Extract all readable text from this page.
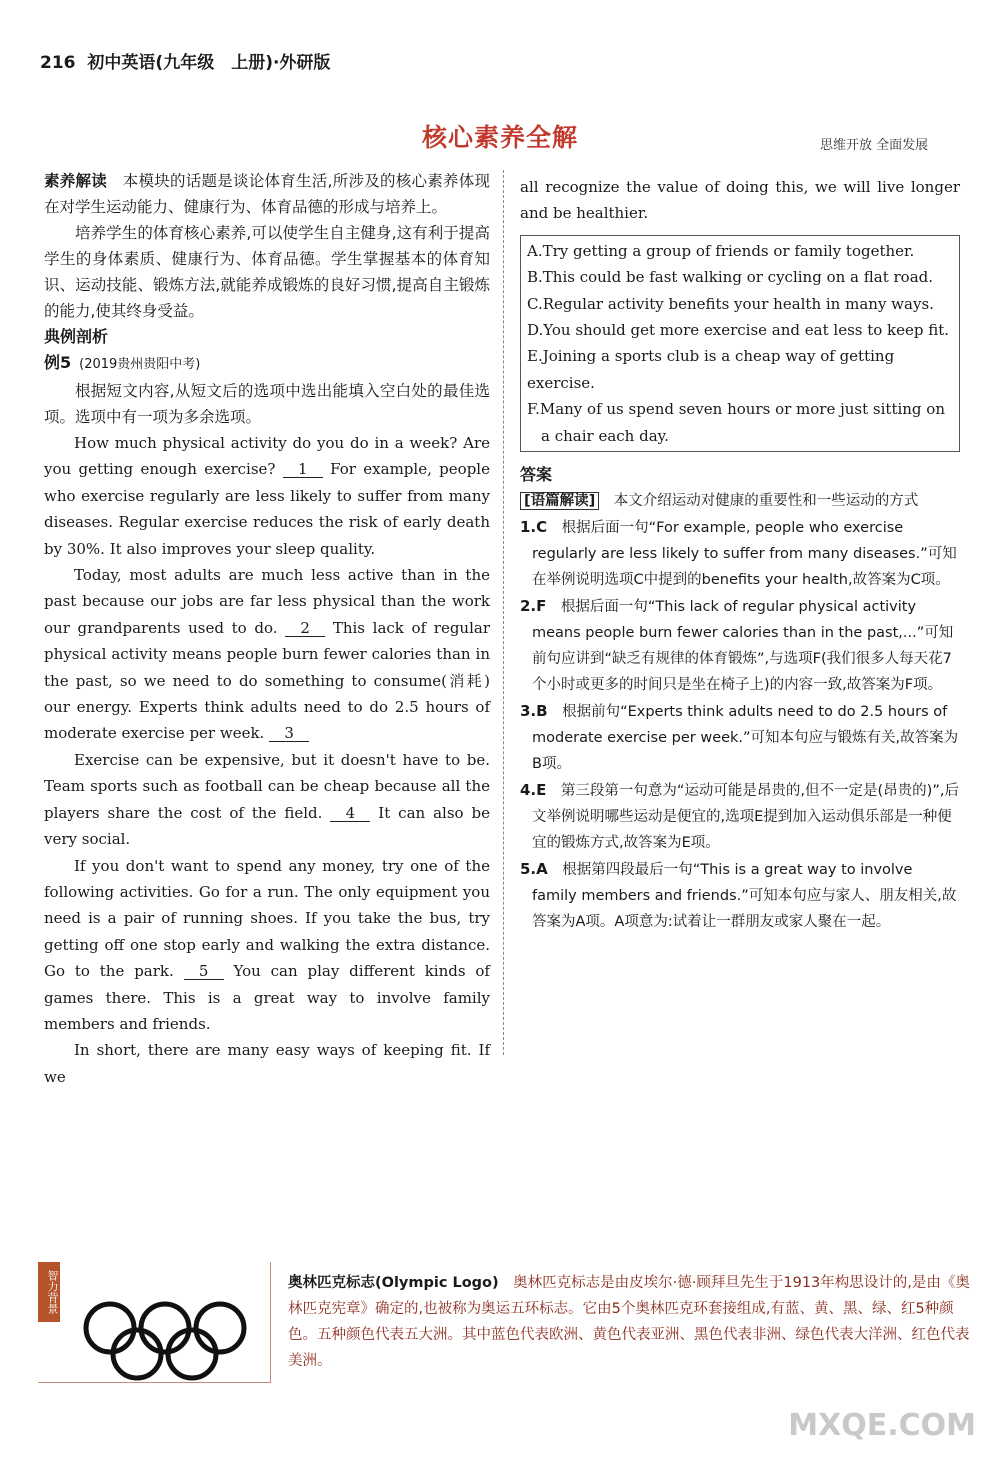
216 初中英语(九年级　上册)·外研版
核心素养全解	思维开放 全面发展

素养解读　 本模块的话题是谈论体育生活,所涉及的核心素养体现在对学生运动能力、健康行为、体育品德的形成与培养上。

培养学生的体育核心素养,可以使学生自主健身,这有利于提高学生的身体素质、健康行为、体育品德。学生掌握基本的体育知识、运动技能、锻炼方法,就能养成锻炼的良好习惯,提高自主锻炼的能力,使其终身受益。

典例剖析

例5 (2019贵州贵阳中考)

根据短文内容,从短文后的选项中选出能填入空白处的最佳选项。选项中有一项为多余选项。

How much physical activity do you do in a week? Are you getting enough exercise? 1 For example, people who exercise regularly are less likely to suffer from many diseases. Regular exercise reduces the risk of early death by 30%. It also improves your sleep quality.

Today, most adults are much less active than in the past because our jobs are far less physical than the work our grandparents used to do. 2 This lack of regular physical activity means people burn fewer calories than in the past, so we need to do something to consume(消耗) our energy. Experts think adults need to do 2.5 hours of moderate exercise per week. 3

Exercise can be expensive, but it doesn't have to be. Team sports such as football can be cheap because all the players share the cost of the field. 4 It can also be very social.

If you don't want to spend any money, try one of the following activities. Go for a run. The only equipment you need is a pair of running shoes. If you take the bus, try getting off one stop early and walking the extra distance. Go to the park. 5 You can play different kinds of games there. This is a great way to involve family members and friends.

In short, there are many easy ways of keeping fit. If we

all recognize the value of doing this, we will live longer and be healthier.

A.Try getting a group of friends or family together.
B.This could be fast walking or cycling on a flat road.
C.Regular activity benefits your health in many ways.
D.You should get more exercise and eat less to keep fit.
E.Joining a sports club is a cheap way of getting exercise.
F.Many of us spend seven hours or more just sitting on a chair each day.

答案

[语篇解读]　 本文介绍运动对健康的重要性和一些运动的方式

1.C　 根据后面一句“For example, people who exercise regularly are less likely to suffer from many diseases.”可知在举例说明选项C中提到的benefits your health,故答案为C项。

2.F　 根据后面一句“This lack of regular physical activity means people burn fewer calories than in the past,...”可知前句应讲到“缺乏有规律的体育锻炼”,与选项F(我们很多人每天花7个小时或更多的时间只是坐在椅子上)的内容一致,故答案为F项。

3.B　 根据前句“Experts think adults need to do 2.5 hours of moderate exercise per week.”可知本句应与锻炼有关,故答案为B项。

4.E　 第三段第一句意为“运动可能是昂贵的,但不一定是(昂贵的)”,后文举例说明哪些运动是便宜的,选项E提到加入运动俱乐部是一种便宜的锻炼方式,故答案为E项。

5.A　 根据第四段最后一句“This is a great way to involve family members and friends.”可知本句应与家人、朋友相关,故答案为A项。A项意为:试着让一群朋友或家人聚在一起。

智力背景	奥林匹克标志(Olympic Logo)　 奥林匹克标志是由皮埃尔·德·顾拜旦先生于1913年构思设计的,是由《奥林匹克宪章》确定的,也被称为奥运五环标志。它由5个奥林匹克环套接组成,有蓝、黄、黑、绿、红5种颜色。五种颜色代表五大洲。其中蓝色代表欧洲、黄色代表亚洲、黑色代表非洲、绿色代表大洋洲、红色代表美洲。
MXQE.COM
